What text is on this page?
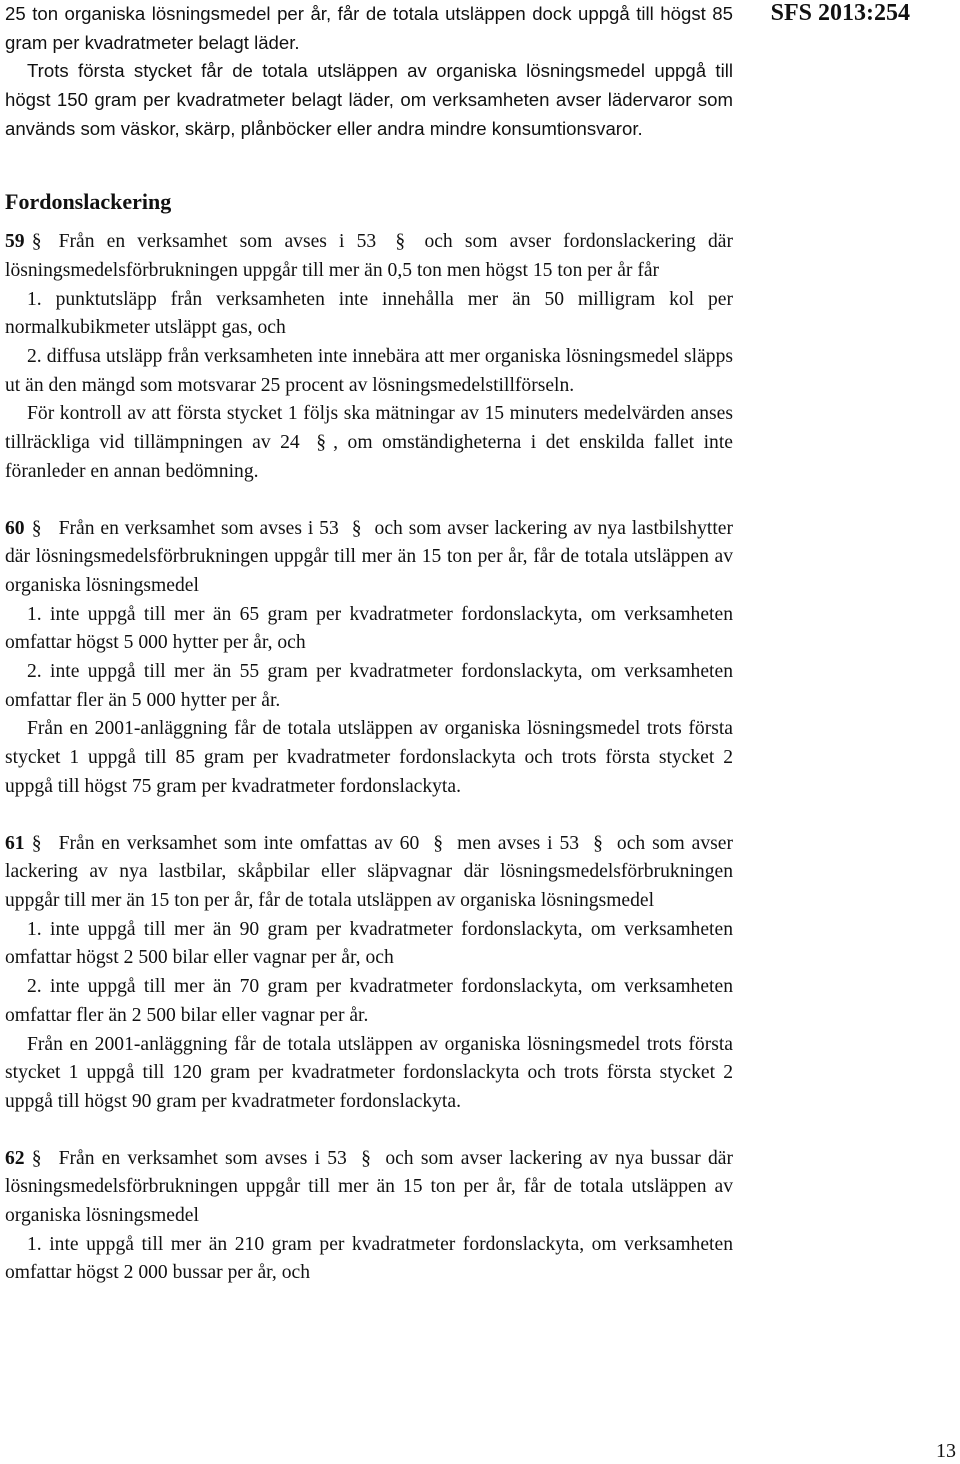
SFS 2013:254

25 ton organiska lösningsmedel per år, får de totala utsläppen dock uppgå till högst 85 gram per kvadratmeter belagt läder.

Trots första stycket får de totala utsläppen av organiska lösningsmedel uppgå till högst 150 gram per kvadratmeter belagt läder, om verksamheten avser lädervaror som används som väskor, skärp, plånböcker eller andra mindre konsumtionsvaror.

Fordonslackering

59 § Från en verksamhet som avses i 53 § och som avser fordonslackering där lösningsmedelsförbrukningen uppgår till mer än 0,5 ton men högst 15 ton per år får

1. punktutsläpp från verksamheten inte innehålla mer än 50 milligram kol per normalkubikmeter utsläppt gas, och

2. diffusa utsläpp från verksamheten inte innebära att mer organiska lösningsmedel släpps ut än den mängd som motsvarar 25 procent av lösningsmedelstillförseln.

För kontroll av att första stycket 1 följs ska mätningar av 15 minuters medelvärden anses tillräckliga vid tillämpningen av 24 § , om omständigheterna i det enskilda fallet inte föranleder en annan bedömning.

60 § Från en verksamhet som avses i 53 § och som avser lackering av nya lastbilshytter där lösningsmedelsförbrukningen uppgår till mer än 15 ton per år, får de totala utsläppen av organiska lösningsmedel

1. inte uppgå till mer än 65 gram per kvadratmeter fordonslackyta, om verksamheten omfattar högst 5 000 hytter per år, och

2. inte uppgå till mer än 55 gram per kvadratmeter fordonslackyta, om verksamheten omfattar fler än 5 000 hytter per år.

Från en 2001-anläggning får de totala utsläppen av organiska lösningsmedel trots första stycket 1 uppgå till 85 gram per kvadratmeter fordonslackyta och trots första stycket 2 uppgå till högst 75 gram per kvadratmeter fordonslackyta.

61 § Från en verksamhet som inte omfattas av 60 § men avses i 53 § och som avser lackering av nya lastbilar, skåpbilar eller släpvagnar där lösningsmedelsförbrukningen uppgår till mer än 15 ton per år, får de totala utsläppen av organiska lösningsmedel

1. inte uppgå till mer än 90 gram per kvadratmeter fordonslackyta, om verksamheten omfattar högst 2 500 bilar eller vagnar per år, och

2. inte uppgå till mer än 70 gram per kvadratmeter fordonslackyta, om verksamheten omfattar fler än 2 500 bilar eller vagnar per år.

Från en 2001-anläggning får de totala utsläppen av organiska lösningsmedel trots första stycket 1 uppgå till 120 gram per kvadratmeter fordonslackyta och trots första stycket 2 uppgå till högst 90 gram per kvadratmeter fordonslackyta.

62 § Från en verksamhet som avses i 53 § och som avser lackering av nya bussar där lösningsmedelsförbrukningen uppgår till mer än 15 ton per år, får de totala utsläppen av organiska lösningsmedel

1. inte uppgå till mer än 210 gram per kvadratmeter fordonslackyta, om verksamheten omfattar högst 2 000 bussar per år, och

13
